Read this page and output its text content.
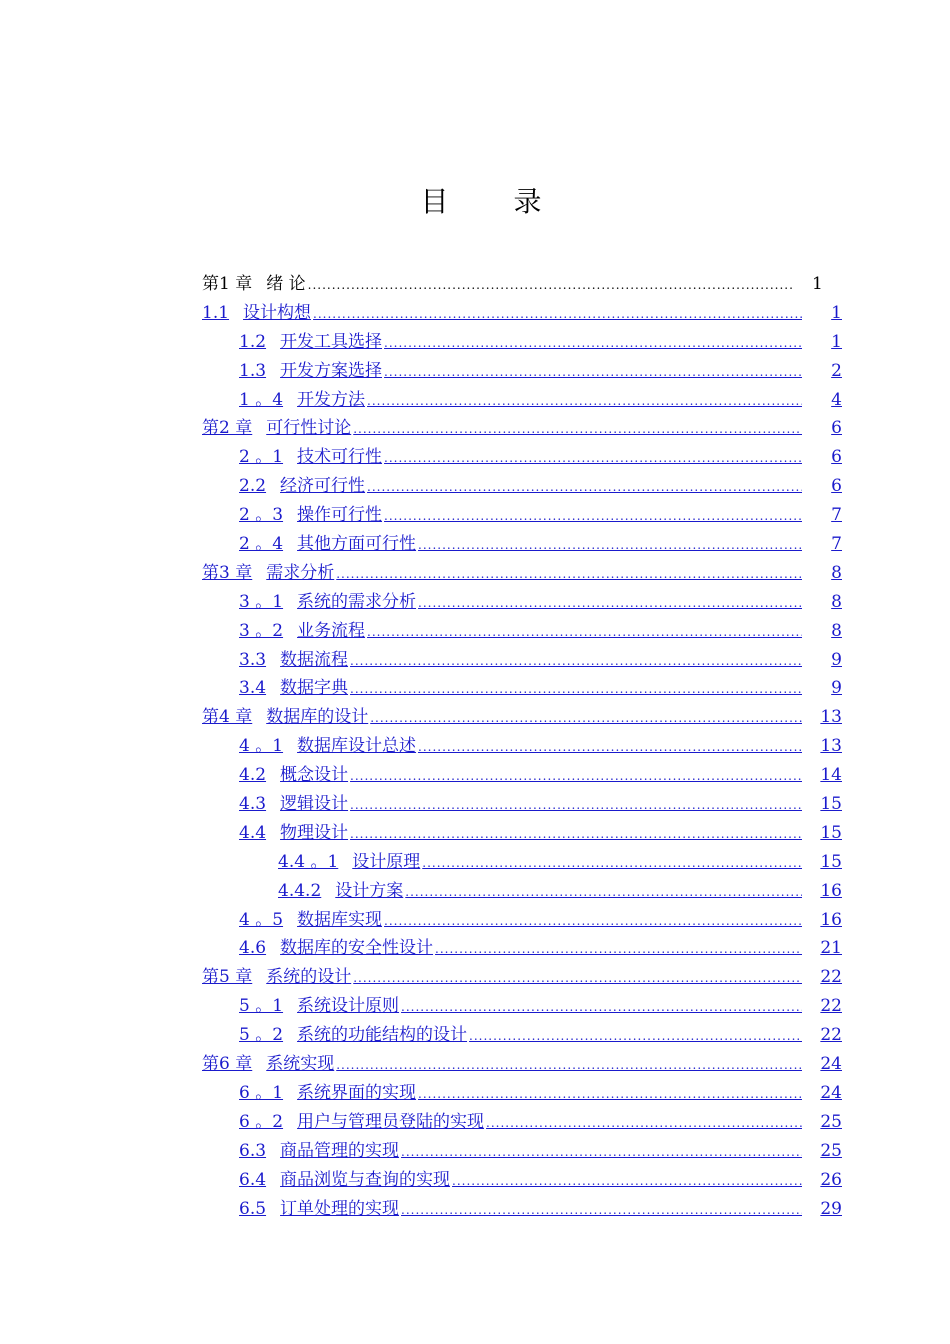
目 录
第1 章 绪 论 .....	1
1.1 设计构想 .....	1
1.2 开发工具选择 .....	1
1.3 开发方案选择 .....	2
1 。4 开发方法 .....	4
第2 章 可行性讨论 .....	6
2 。1 技术可行性 .....	6
2.2 经济可行性 .....	6
2 。3 操作可行性 .....	7
2 。4 其他方面可行性 .....	7
第3 章 需求分析 .....	8
3 。1 系统的需求分析 .....	8
3 。2 业务流程 .....	8
3.3 数据流程 .....	9
3.4 数据字典 .....	9
第4 章 数据库的设计 .....	13
4 。1 数据库设计总述 .....	13
4.2 概念设计 .....	14
4.3 逻辑设计 .....	15
4.4 物理设计 .....	15
4.4 。1 设计原理 .....	15
4.4.2 设计方案 .....	16
4 。5 数据库实现 .....	16
4.6 数据库的安全性设计 .....	21
第5 章 系统的设计 .....	22
5 。1 系统设计原则 .....	22
5 。2 系统的功能结构的设计 .....	22
第6 章 系统实现 .....	24
6 。1 系统界面的实现 .....	24
6 。2 用户与管理员登陆的实现 .....	25
6.3 商品管理的实现 .....	25
6.4 商品浏览与查询的实现 .....	26
6.5 订单处理的实现 .....	29
